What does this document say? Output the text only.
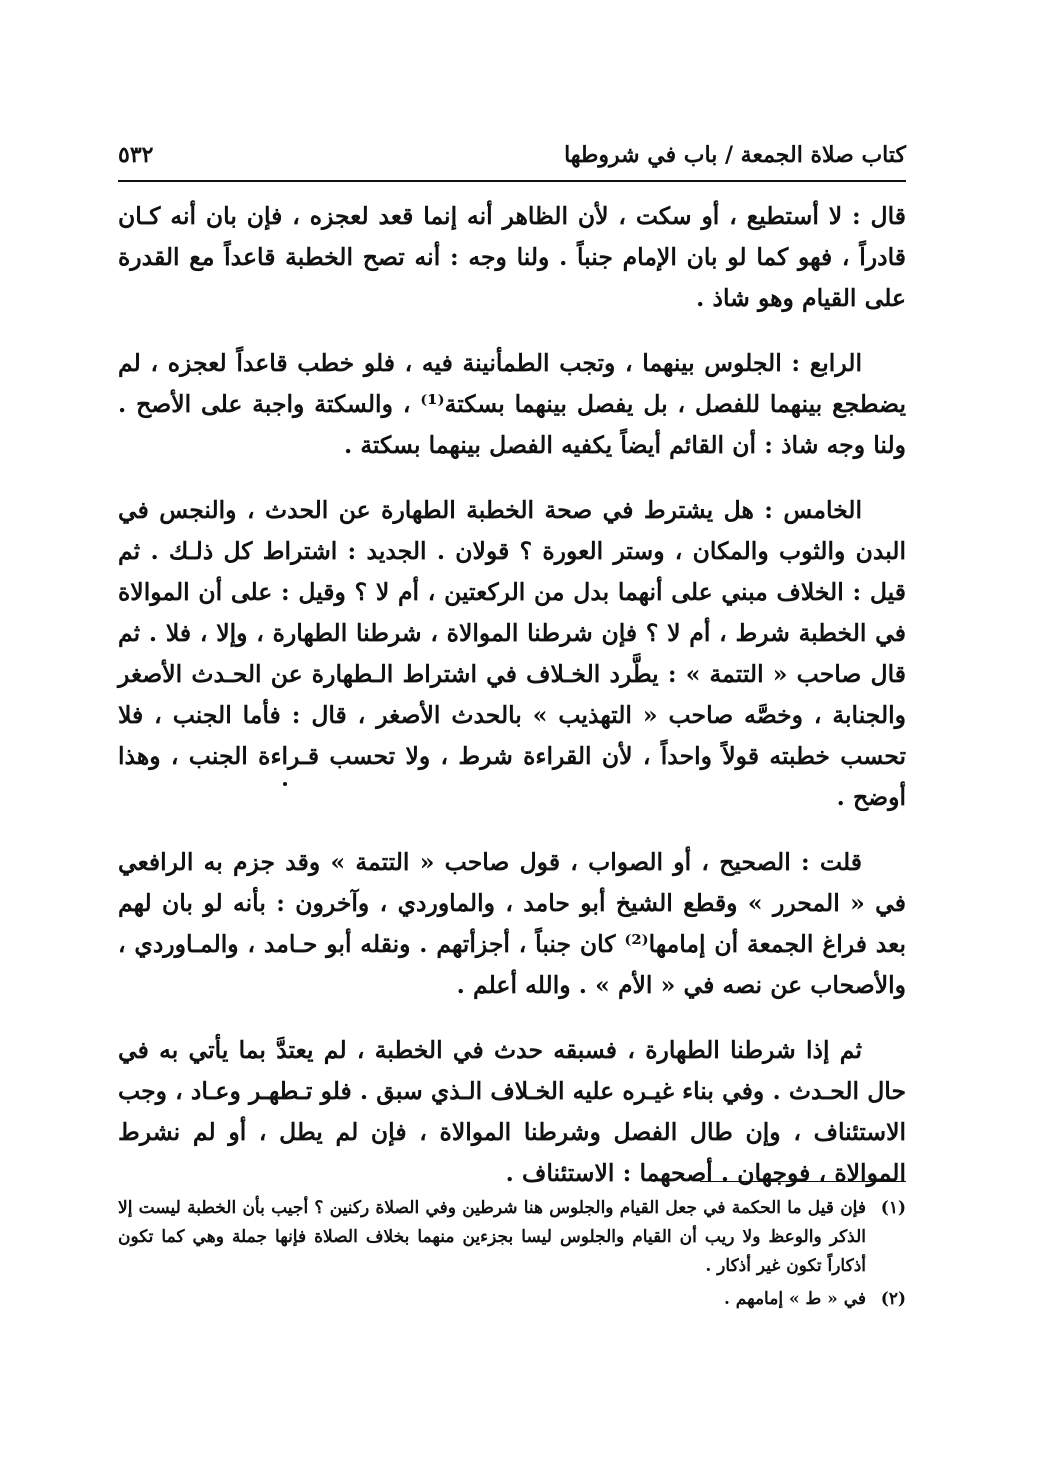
كتاب صلاة الجمعة / باب في شروطها
٥٣٢

قال : لا أستطيع ، أو سكت ، لأن الظاهر أنه إنما قعد لعجزه ، فإن بان أنه كـان قادراً ، فهو كما لو بان الإمام جنباً . ولنا وجه : أنه تصح الخطبة قاعداً مع القدرة على القيام وهو شاذ .

الرابع : الجلوس بينهما ، وتجب الطمأنينة فيه ، فلو خطب قاعداً لعجزه ، لم يضطجع بينهما للفصل ، بل يفصل بينهما بسكتة⁽¹⁾ ، والسكتة واجبة على الأصح . ولنا وجه شاذ : أن القائم أيضاً يكفيه الفصل بينهما بسكتة .

الخامس : هل يشترط في صحة الخطبة الطهارة عن الحدث ، والنجس في البدن والثوب والمكان ، وستر العورة ؟ قولان . الجديد : اشتراط كل ذلـك . ثم قيل : الخلاف مبني على أنهما بدل من الركعتين ، أم لا ؟ وقيل : على أن الموالاة في الخطبة شرط ، أم لا ؟ فإن شرطنا الموالاة ، شرطنا الطهارة ، وإلا ، فلا . ثم قال صاحب « التتمة » : يطَّرد الخـلاف في اشتراط الـطهارة عن الحـدث الأصغر والجنابة ، وخصَّه صاحب « التهذيب » بالحدث الأصغر ، قال : فأما الجنب ، فلا تحسب خطبته قولاً واحداً ، لأن القراءة شرط ، ولا تحسب قـراءة الجنب ، وهذا أوضح .

قلت : الصحيح ، أو الصواب ، قول صاحب « التتمة » وقد جزم به الرافعي في « المحرر » وقطع الشيخ أبو حامد ، والماوردي ، وآخرون : بأنه لو بان لهم بعد فراغ الجمعة أن إمامها⁽²⁾ كان جنباً ، أجزأتهم . ونقله أبو حـامد ، والمـاوردي ، والأصحاب عن نصه في « الأم » . والله أعلم .

ثم إذا شرطنا الطهارة ، فسبقه حدث في الخطبة ، لم يعتدَّ بما يأتي به في حال الحـدث . وفي بناء غيـره عليه الخـلاف الـذي سبق . فلو تـطهـر وعـاد ، وجب الاستئناف ، وإن طال الفصل وشرطنا الموالاة ، فإن لم يطل ، أو لم نشرط الموالاة ، فوجهان . أصحهما : الاستئناف .

(١)
فإن قيل ما الحكمة في جعل القيام والجلوس هنا شرطين وفي الصلاة ركنين ؟ أجيب بأن الخطبة ليست إلا الذكر والوعظ ولا ريب أن القيام والجلوس ليسا بجزءين منهما بخلاف الصلاة فإنها جملة وهي كما تكون أذكاراً تكون غير أذكار .
(٢)
في « ط » إمامهم .
